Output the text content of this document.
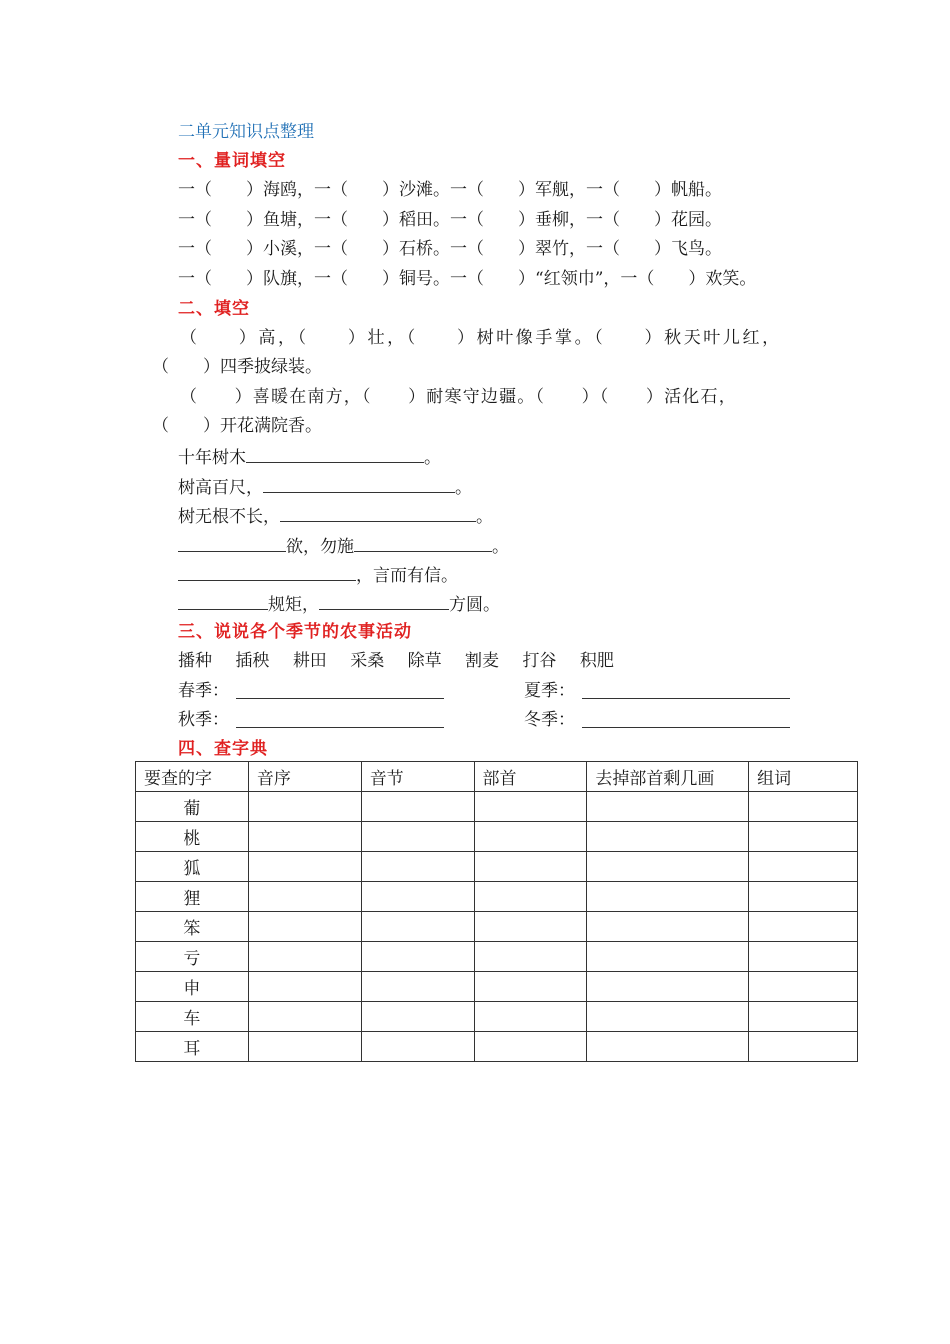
二单元知识点整理
一、量词填空
一（　　）海鸥，一（　　）沙滩。一（　　）军舰，一（　　）帆船。
一（　　）鱼塘，一（　　）稻田。一（　　）垂柳，一（　　）花园。
一（　　）小溪，一（　　）石桥。一（　　）翠竹，一（　　）飞鸟。
一（　　）队旗，一（　　）铜号。一（　　）“红领巾”，一（　　）欢笑。
二、填空
（　　）高，（　　）壮，（　　）树叶像手掌。（　　）秋天叶儿红，
（　　）四季披绿装。
（　　）喜暖在南方，（　　）耐寒守边疆。（　　）（　　）活化石，
（　　）开花满院香。
十年树木	。
树高百尺，	。
树无根不长，	。
欲，勿施	。
，言而有信。
规矩，	方圆。
三、说说各个季节的农事活动
播种 插秧 耕田 采桑 除草 割麦 打谷 积肥
春季：	夏季：
秋季：	冬季：
四、查字典
要查的字	音序	音节	部首	去掉部首剩几画	组词
葡					
桃					
狐					
狸					
笨					
亏					
申					
车					
耳					
